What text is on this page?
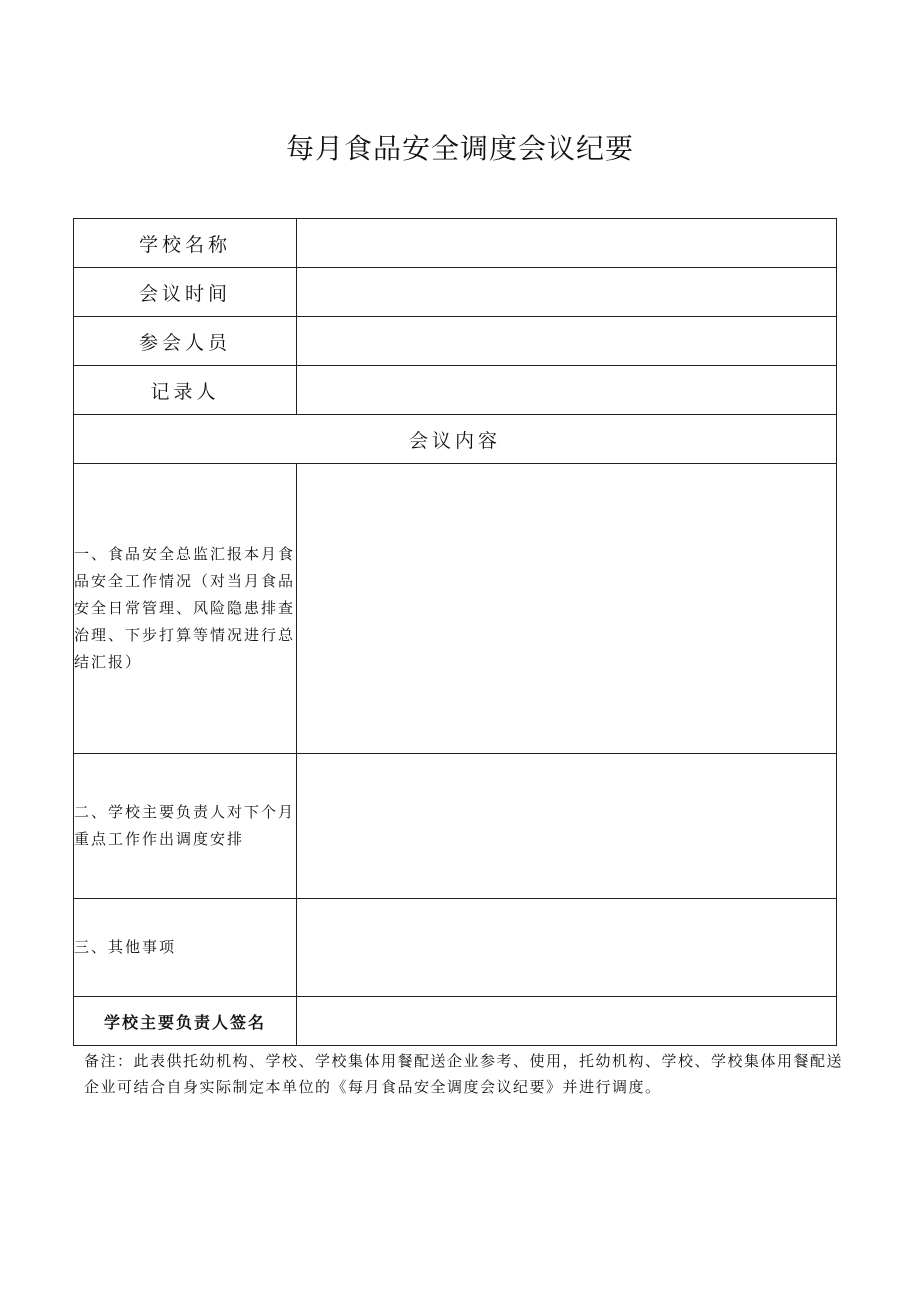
每月食品安全调度会议纪要
学校名称	
会议时间	
参会人员	
记录人	
会议内容	
一、食品安全总监汇报本月食品安全工作情况（对当月食品安全日常管理、风险隐患排查治理、下步打算等情况进行总结汇报）	
二、学校主要负责人对下个月重点工作作出调度安排	
三、其他事项	
学校主要负责人签名	
备注：此表供托幼机构、学校、学校集体用餐配送企业参考、使用，托幼机构、学校、学校集体用餐配送企业可结合自身实际制定本单位的《每月食品安全调度会议纪要》并进行调度。
